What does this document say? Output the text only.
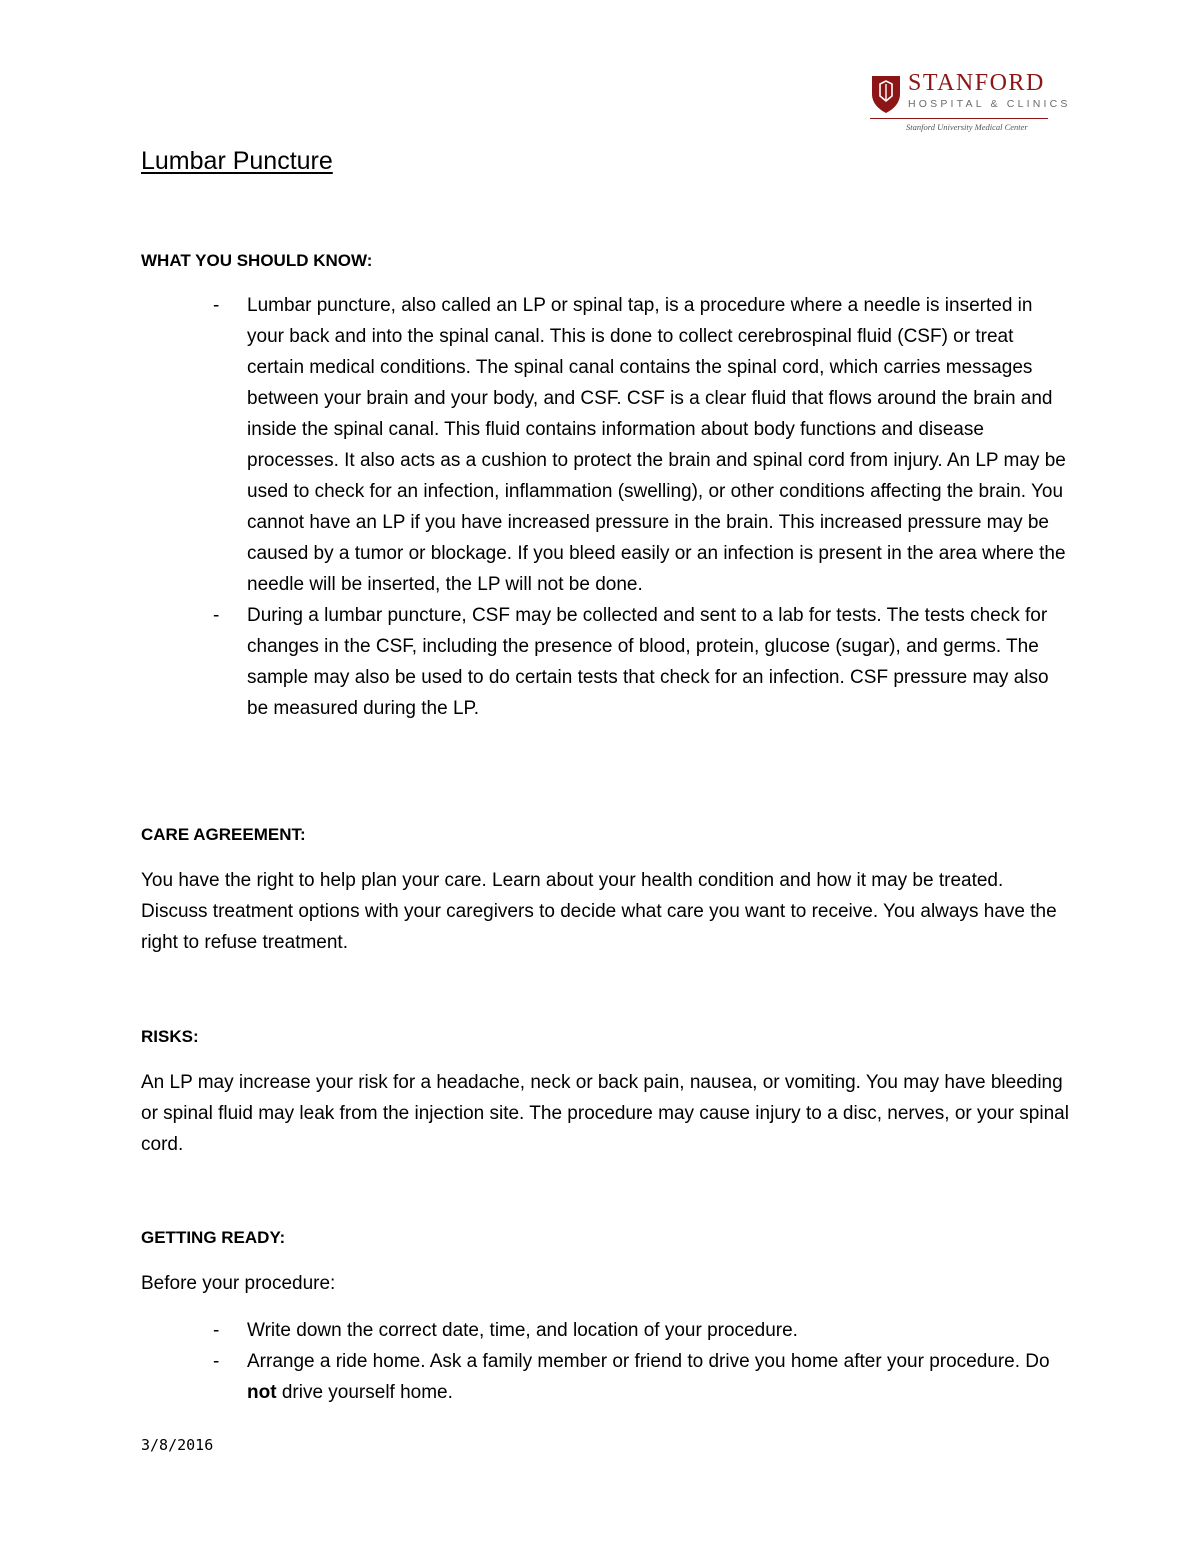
STANFORD
HOSPITAL & CLINICS
Stanford University Medical Center
Lumbar Puncture
WHAT YOU SHOULD KNOW:
- Lumbar puncture, also called an LP or spinal tap, is a procedure where a needle is inserted in your back and into the spinal canal. This is done to collect cerebrospinal fluid (CSF) or treat certain medical conditions. The spinal canal contains the spinal cord, which carries messages between your brain and your body, and CSF. CSF is a clear fluid that flows around the brain and inside the spinal canal. This fluid contains information about body functions and disease processes. It also acts as a cushion to protect the brain and spinal cord from injury. An LP may be used to check for an infection, inflammation (swelling), or other conditions affecting the brain. You cannot have an LP if you have increased pressure in the brain. This increased pressure may be caused by a tumor or blockage. If you bleed easily or an infection is present in the area where the needle will be inserted, the LP will not be done.
- During a lumbar puncture, CSF may be collected and sent to a lab for tests. The tests check for changes in the CSF, including the presence of blood, protein, glucose (sugar), and germs. The sample may also be used to do certain tests that check for an infection. CSF pressure may also be measured during the LP.
CARE AGREEMENT:

You have the right to help plan your care. Learn about your health condition and how it may be treated. Discuss treatment options with your caregivers to decide what care you want to receive. You always have the right to refuse treatment.

RISKS:

An LP may increase your risk for a headache, neck or back pain, nausea, or vomiting. You may have bleeding or spinal fluid may leak from the injection site. The procedure may cause injury to a disc, nerves, or your spinal cord.

GETTING READY:

Before your procedure:

- Write down the correct date, time, and location of your procedure.
- Arrange a ride home. Ask a family member or friend to drive you home after your procedure. Do not drive yourself home.
3/8/2016
